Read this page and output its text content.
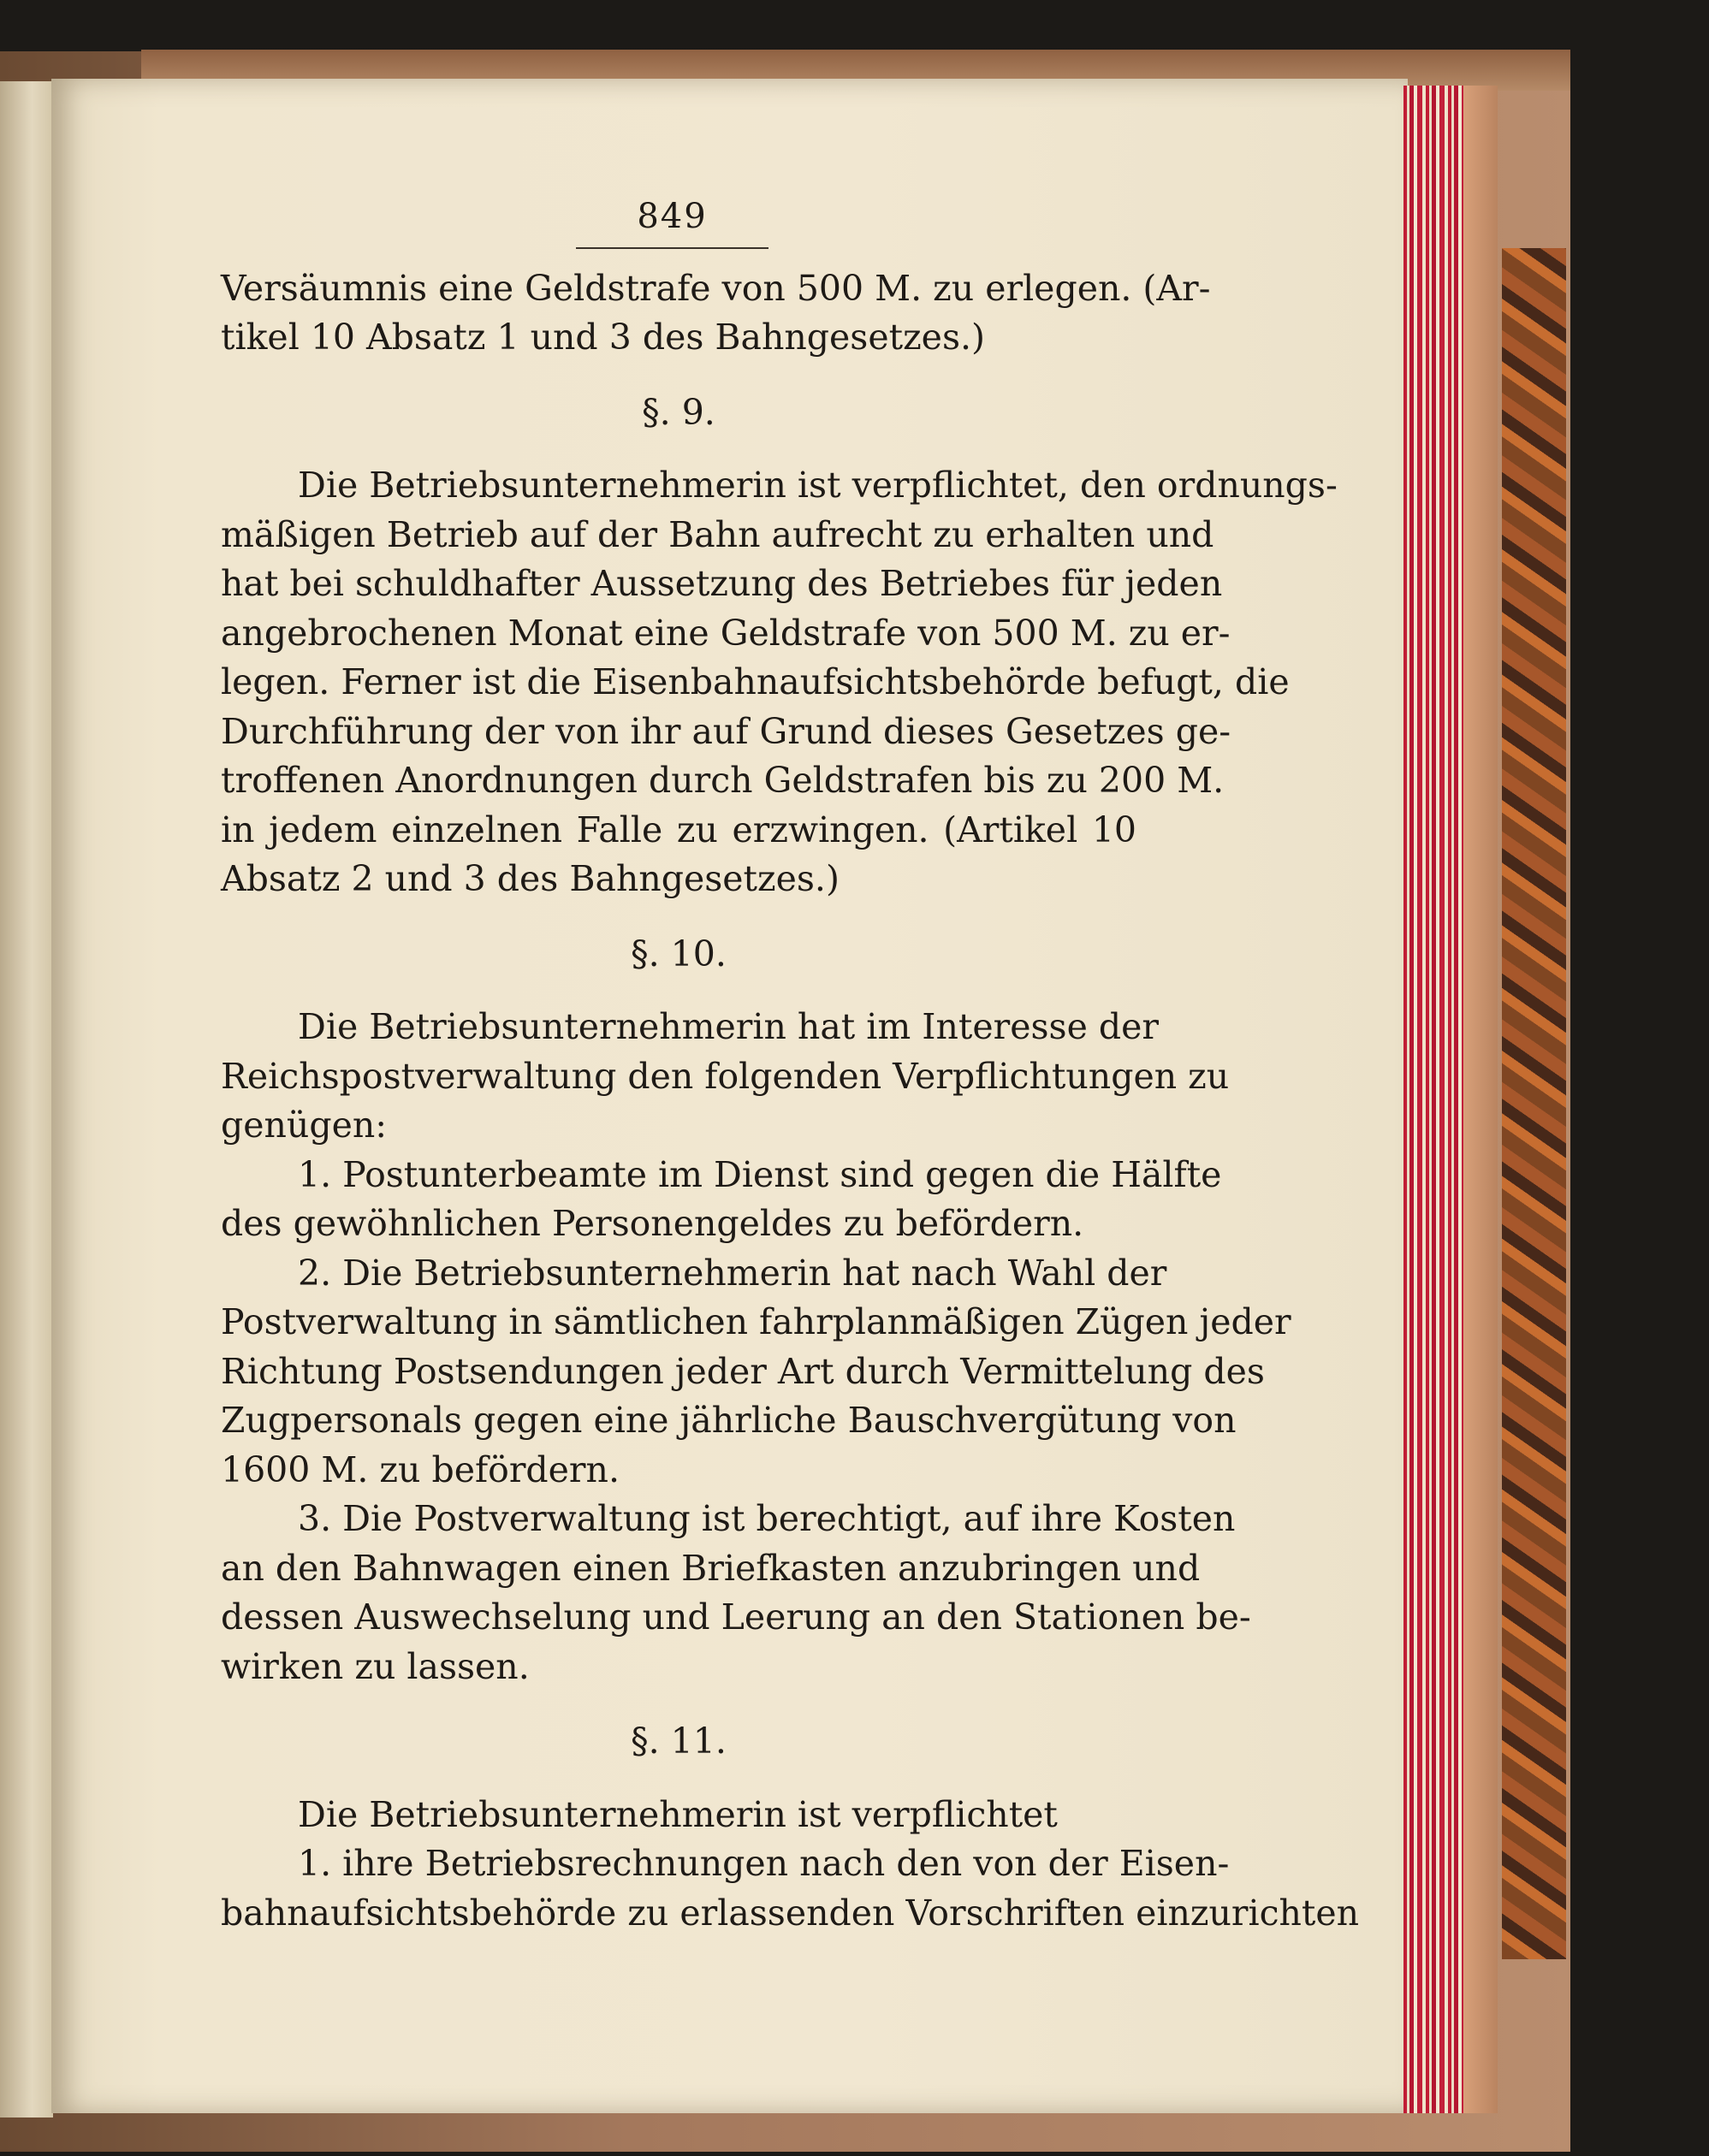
849
Versäumnis eine Geldstrafe von 500 M. zu erlegen. (Ar-
tikel 10 Absatz 1 und 3 des Bahngesetzes.)
§. 9.
Die Betriebsunternehmerin ist verpflichtet, den ordnungs-
mäßigen Betrieb auf der Bahn aufrecht zu erhalten und
hat bei schuldhafter Aussetzung des Betriebes für jeden
angebrochenen Monat eine Geldstrafe von 500 M. zu er-
legen. Ferner ist die Eisenbahnaufsichtsbehörde befugt, die
Durchführung der von ihr auf Grund dieses Gesetzes ge-
troffenen Anordnungen durch Geldstrafen bis zu 200 M.
in jedem einzelnen Falle zu erzwingen. (Artikel 10
Absatz 2 und 3 des Bahngesetzes.)
§. 10.
Die Betriebsunternehmerin hat im Interesse der
Reichspostverwaltung den folgenden Verpflichtungen zu
genügen:
1. Postunterbeamte im Dienst sind gegen die Hälfte
des gewöhnlichen Personengeldes zu befördern.
2. Die Betriebsunternehmerin hat nach Wahl der
Postverwaltung in sämtlichen fahrplanmäßigen Zügen jeder
Richtung Postsendungen jeder Art durch Vermittelung des
Zugpersonals gegen eine jährliche Bauschvergütung von
1600 M. zu befördern.
3. Die Postverwaltung ist berechtigt, auf ihre Kosten
an den Bahnwagen einen Briefkasten anzubringen und
dessen Auswechselung und Leerung an den Stationen be-
wirken zu lassen.
§. 11.
Die Betriebsunternehmerin ist verpflichtet
1. ihre Betriebsrechnungen nach den von der Eisen-
bahnaufsichtsbehörde zu erlassenden Vorschriften einzurichten
